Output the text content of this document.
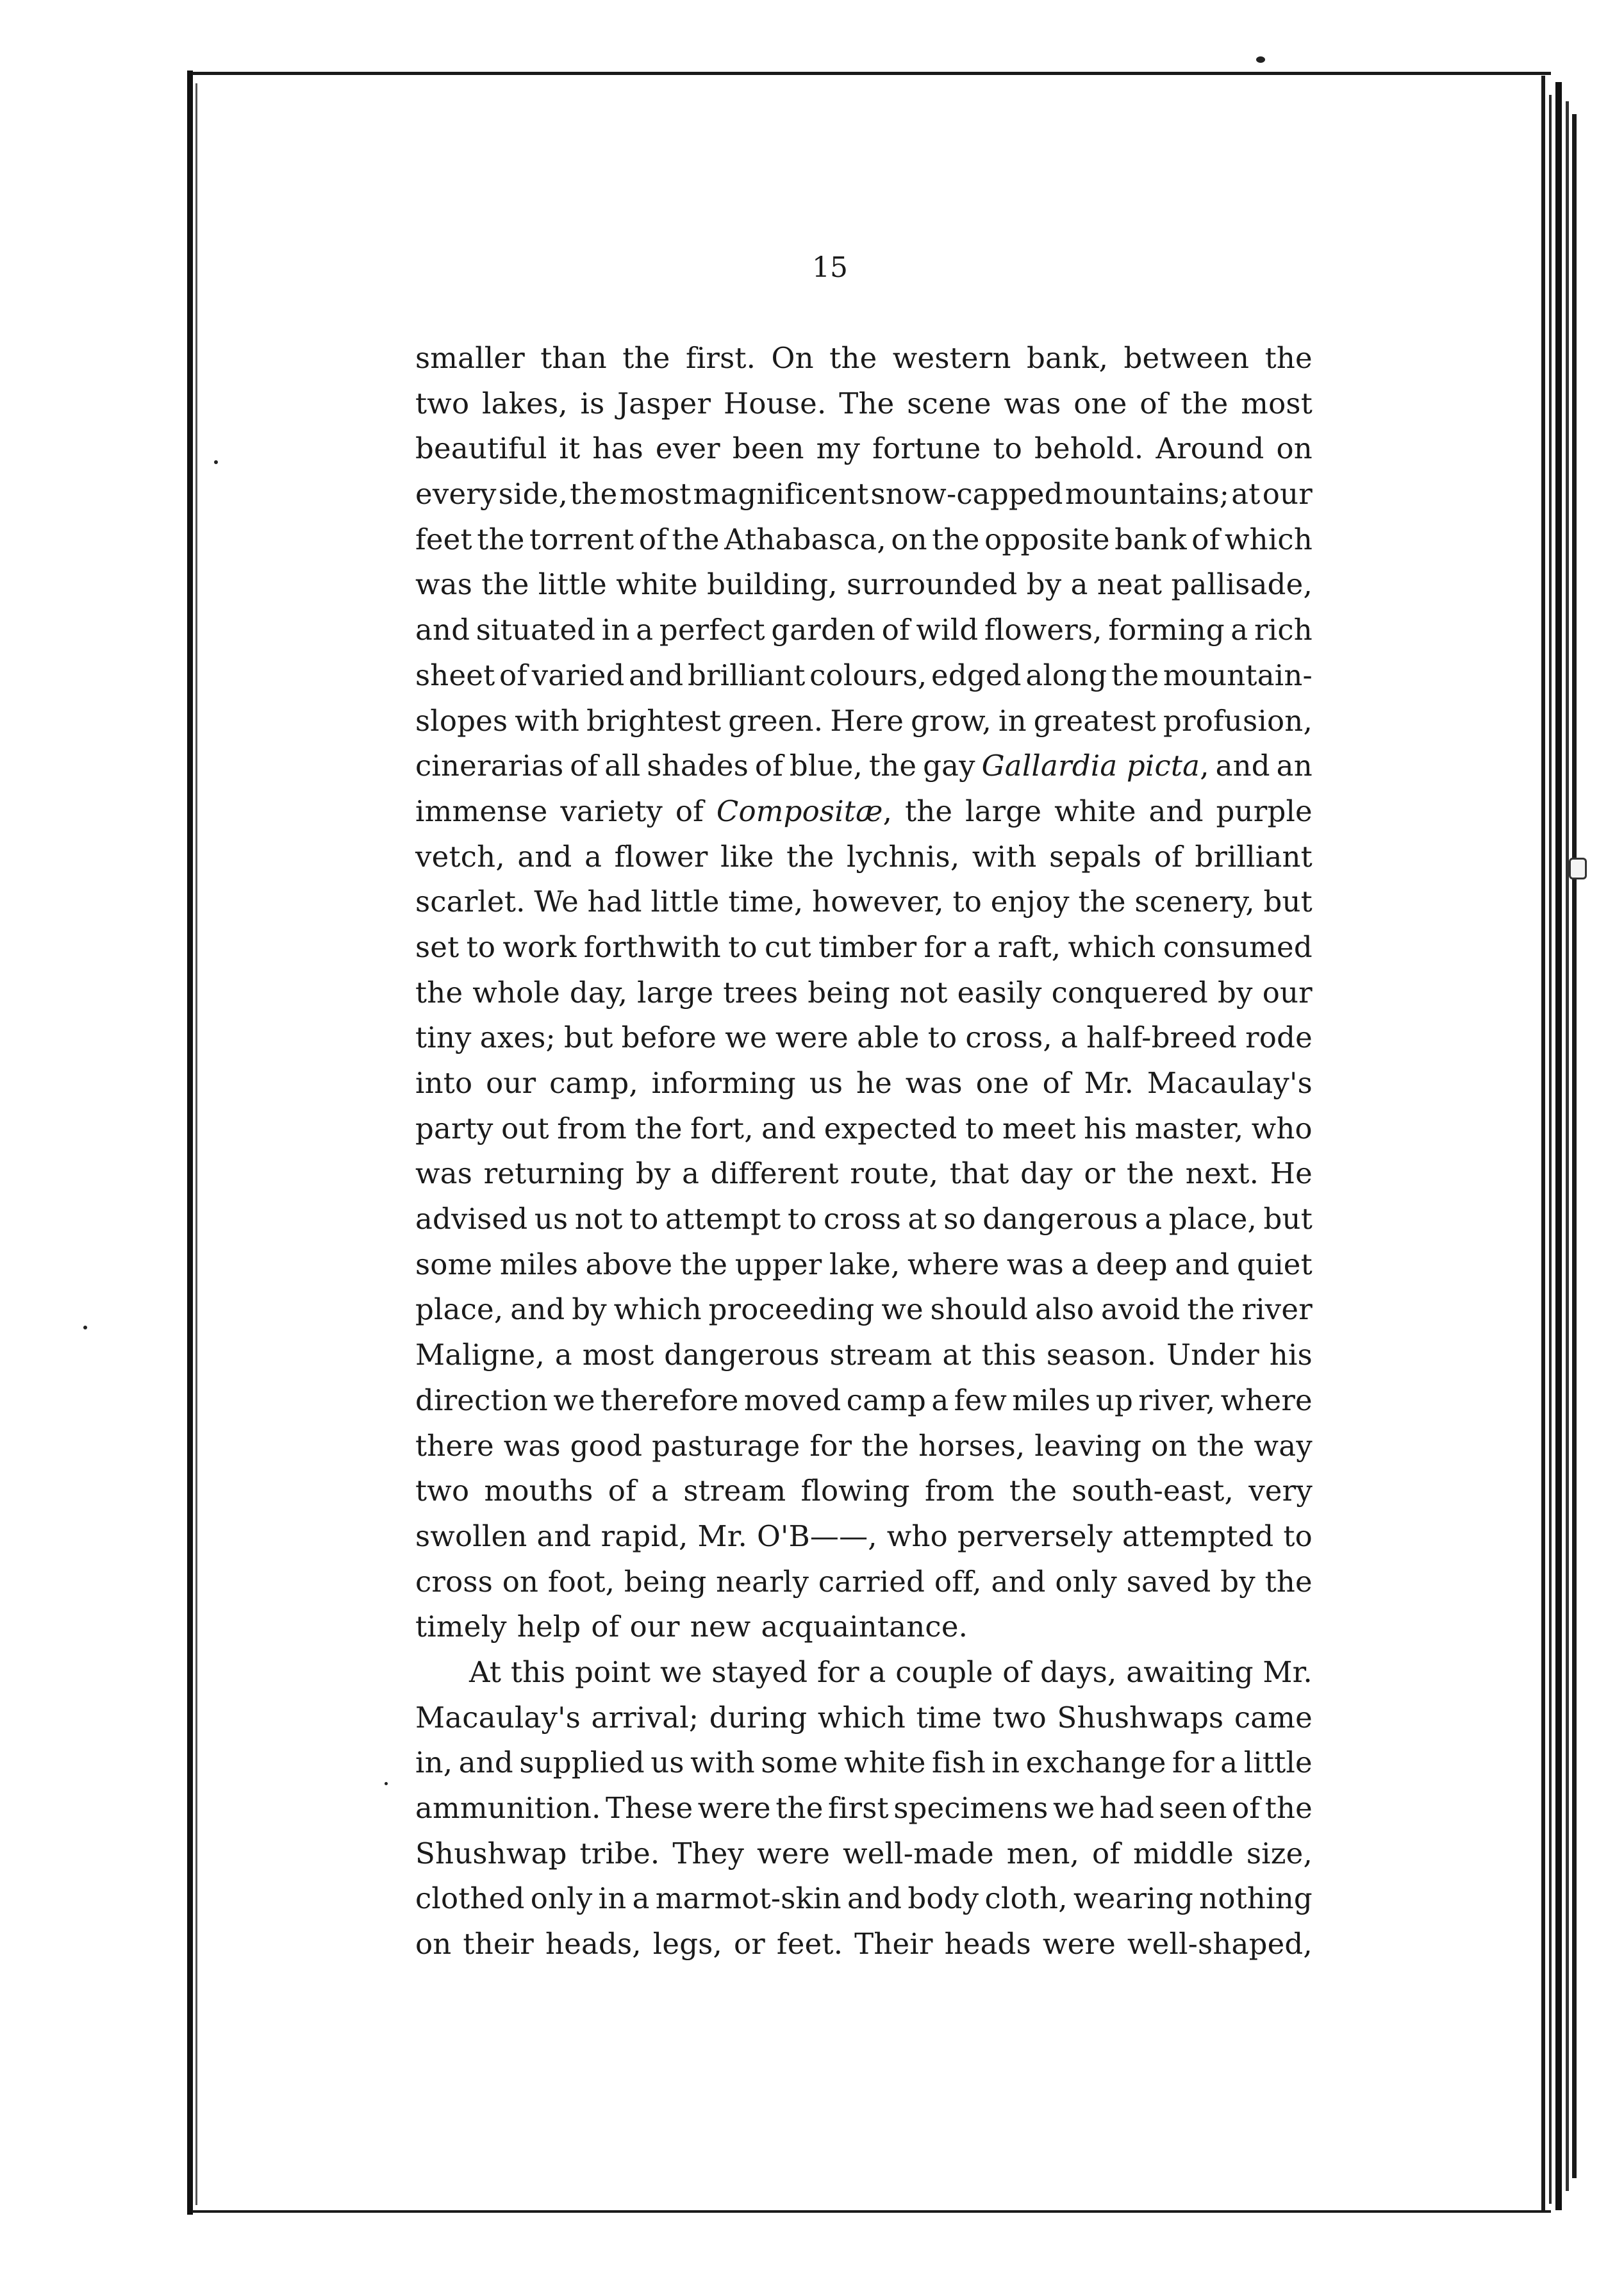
15
smaller than the first. On the western bank, between the
two lakes, is Jasper House. The scene was one of the most
beautiful it has ever been my fortune to behold. Around on
every side, the most magnificent snow-capped mountains; at our
feet the torrent of the Athabasca, on the opposite bank of which
was the little white building, surrounded by a neat pallisade,
and situated in a perfect garden of wild flowers, forming a rich
sheet of varied and brilliant colours, edged along the mountain-
slopes with brightest green. Here grow, in greatest profusion,
cinerarias of all shades of blue, the gay Gallardia picta, and an
immense variety of Compositæ, the large white and purple
vetch, and a flower like the lychnis, with sepals of brilliant
scarlet. We had little time, however, to enjoy the scenery, but
set to work forthwith to cut timber for a raft, which consumed
the whole day, large trees being not easily conquered by our
tiny axes; but before we were able to cross, a half-breed rode
into our camp, informing us he was one of Mr. Macaulay's
party out from the fort, and expected to meet his master, who
was returning by a different route, that day or the next. He
advised us not to attempt to cross at so dangerous a place, but
some miles above the upper lake, where was a deep and quiet
place, and by which proceeding we should also avoid the river
Maligne, a most dangerous stream at this season. Under his
direction we therefore moved camp a few miles up river, where
there was good pasturage for the horses, leaving on the way
two mouths of a stream flowing from the south-east, very
swollen and rapid, Mr. O'B——, who perversely attempted to
cross on foot, being nearly carried off, and only saved by the
timely help of our new acquaintance.
At this point we stayed for a couple of days, awaiting Mr.
Macaulay's arrival; during which time two Shushwaps came
in, and supplied us with some white fish in exchange for a little
ammunition. These were the first specimens we had seen of the
Shushwap tribe. They were well-made men, of middle size,
clothed only in a marmot-skin and body cloth, wearing nothing
on their heads, legs, or feet. Their heads were well-shaped,
